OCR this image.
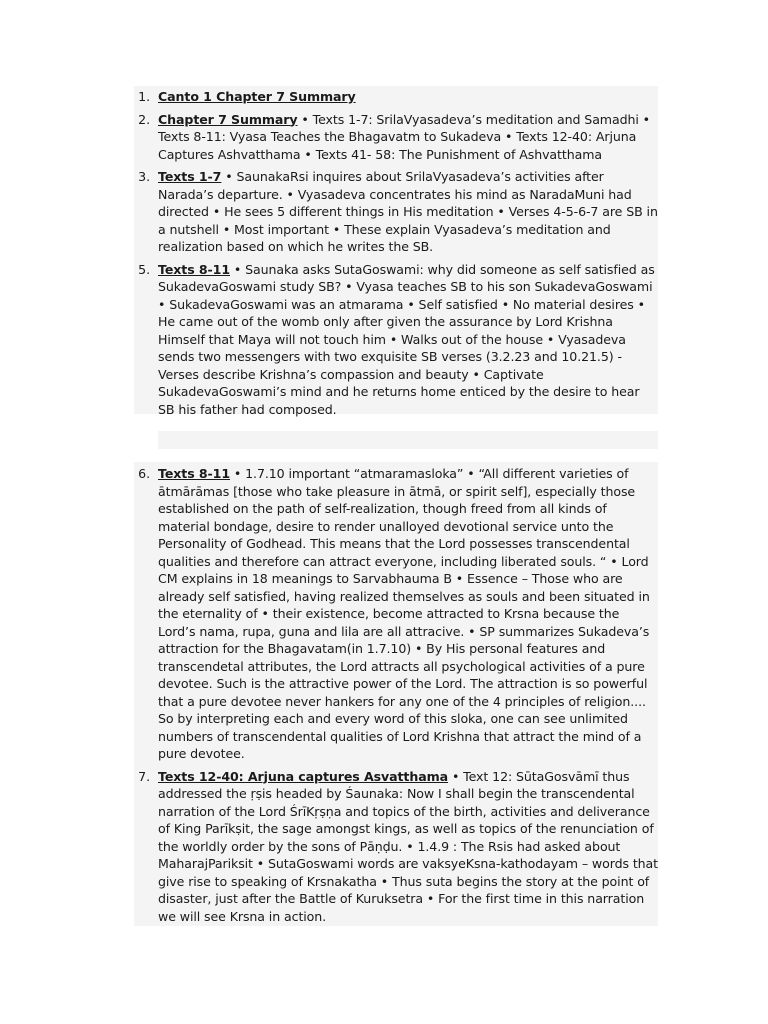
1. Canto 1 Chapter 7 Summary
2. Chapter 7 Summary • Texts 1-7: SrilaVyasadeva’s meditation and Samadhi • Texts 8-11: Vyasa Teaches the Bhagavatm to Sukadeva • Texts 12-40: Arjuna Captures Ashvatthama • Texts 41- 58: The Punishment of Ashvatthama
3. Texts 1-7 • SaunakaRsi inquires about SrilaVyasadeva’s activities after Narada’s departure. • Vyasadeva concentrates his mind as NaradaMuni had directed • He sees 5 different things in His meditation • Verses 4-5-6-7 are SB in a nutshell • Most important • These explain Vyasadeva’s meditation and realization based on which he writes the SB.
5. Texts 8-11 • Saunaka asks SutaGoswami: why did someone as self satisfied as SukadevaGoswami study SB? • Vyasa teaches SB to his son SukadevaGoswami • SukadevaGoswami was an atmarama • Self satisfied • No material desires • He came out of the womb only after given the assurance by Lord Krishna Himself that Maya will not touch him • Walks out of the house • Vyasadeva sends two messengers with two exquisite SB verses (3.2.23 and 10.21.5) - Verses describe Krishna’s compassion and beauty • Captivate SukadevaGoswami’s mind and he returns home enticed by the desire to hear SB his father had composed.
6. Texts 8-11 • 1.7.10 important “atmaramasloka” • “All different varieties of ātmārāmas [those who take pleasure in ātmā, or spirit self], especially those established on the path of self-realization, though freed from all kinds of material bondage, desire to render unalloyed devotional service unto the Personality of Godhead. This means that the Lord possesses transcendental qualities and therefore can attract everyone, including liberated souls. “ • Lord CM explains in 18 meanings to Sarvabhauma B • Essence – Those who are already self satisfied, having realized themselves as souls and been situated in the eternality of • their existence, become attracted to Krsna because the Lord’s nama, rupa, guna and lila are all attracive. • SP summarizes Sukadeva’s attraction for the Bhagavatam(in 1.7.10) • By His personal features and transcendetal attributes, the Lord attracts all psychological activities of a pure devotee. Such is the attractive power of the Lord. The attraction is so powerful that a pure devotee never hankers for any one of the 4 principles of religion.... So by interpreting each and every word of this sloka, one can see unlimited numbers of transcendental qualities of Lord Krishna that attract the mind of a pure devotee.
7. Texts 12-40: Arjuna captures Asvatthama • Text 12: SūtaGosvāmī thus addressed the ṛṣis headed by Śaunaka: Now I shall begin the transcendental narration of the Lord ŚrīKṛṣṇa and topics of the birth, activities and deliverance of King Parīkṣit, the sage amongst kings, as well as topics of the renunciation of the worldly order by the sons of Pāṇḍu. • 1.4.9 : The Rsis had asked about MaharajPariksit • SutaGoswami words are vaksyeKsna-kathodayam – words that give rise to speaking of Krsnakatha • Thus suta begins the story at the point of disaster, just after the Battle of Kuruksetra • For the first time in this narration we will see Krsna in action.
